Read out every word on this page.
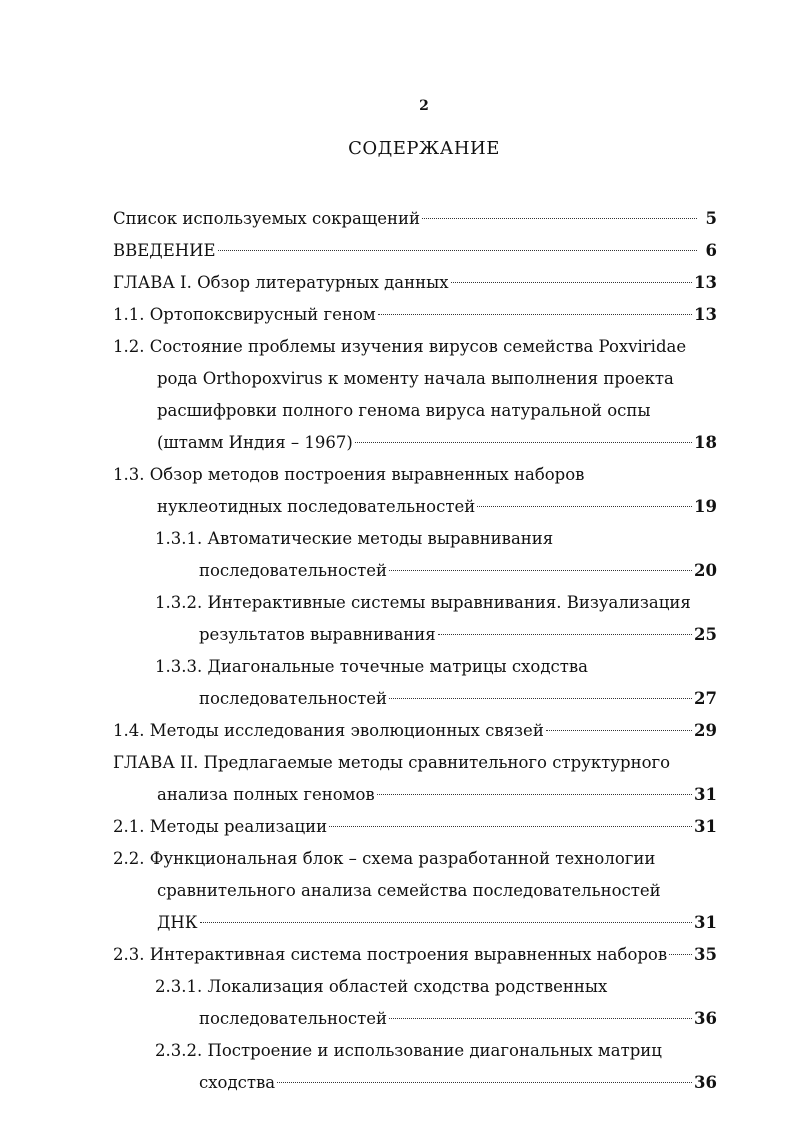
2
СОДЕРЖАНИЕ
Список используемых сокращений	5
ВВЕДЕНИЕ	6
ГЛАВА I. Обзор литературных данных	13
1.1. Ортопоксвирусный геном	13
1.2. Состояние проблемы изучения вирусов семейства Poxviridae
рода Orthopoxvirus к моменту начала выполнения проекта
расшифровки полного генома вируса натуральной оспы
(штамм Индия – 1967)	18
1.3. Обзор методов построения выравненных наборов
нуклеотидных последовательностей	19
1.3.1. Автоматические методы выравнивания
последовательностей	20
1.3.2. Интерактивные системы выравнивания. Визуализация
результатов выравнивания	25
1.3.3. Диагональные точечные матрицы сходства
последовательностей	27
1.4. Методы исследования эволюционных связей	29
ГЛАВА II. Предлагаемые методы сравнительного структурного
анализа полных геномов	31
2.1. Методы реализации	31
2.2. Функциональная блок – схема разработанной технологии
сравнительного анализа семейства последовательностей
ДНК	31
2.3. Интерактивная система построения выравненных наборов 35
2.3.1. Локализация областей сходства родственных
последовательностей	36
2.3.2. Построение и использование диагональных матриц
сходства	36
